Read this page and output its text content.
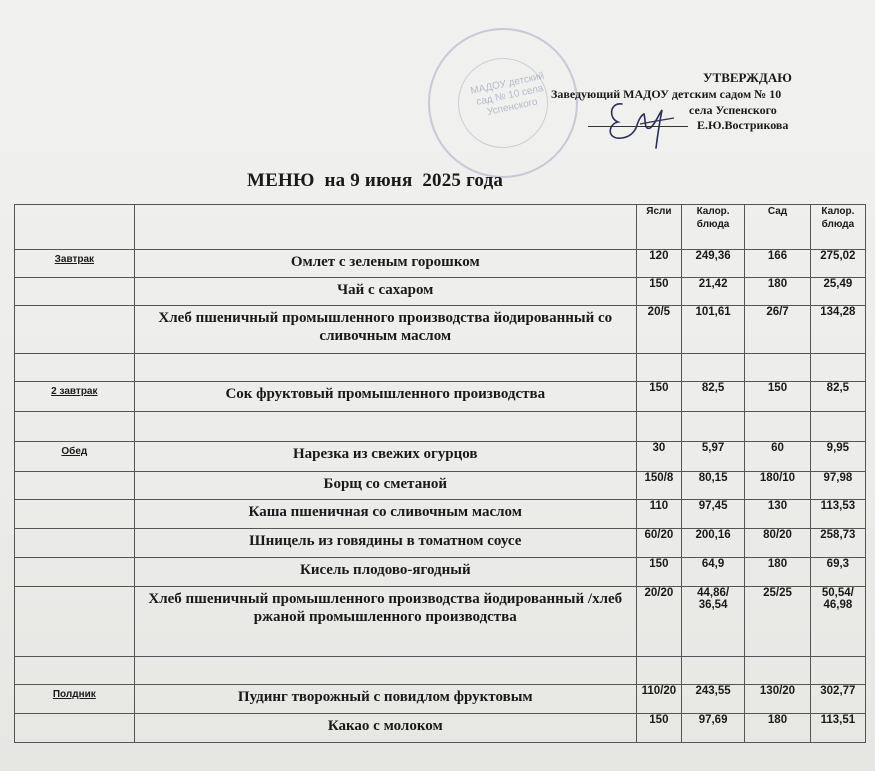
МАДОУ детский сад № 10 села Успенского
УТВЕРЖДАЮ
Заведующий МАДОУ детским садом № 10
села Успенского
Е.Ю.Вострикова
МЕНЮ  на 9 июня  2025 года
		Ясли	Калор. блюда	Сад	Калор. блюда
Завтрак	Омлет с зеленым горошком	120	249,36	166	275,02
	Чай с сахаром	150	21,42	180	25,49
	Хлеб пшеничный промышленного производства йодированный со сливочным маслом	20/5	101,61	26/7	134,28

2 завтрак	Сок фруктовый промышленного производства	150	82,5	150	82,5

Обед	Нарезка из свежих огурцов	30	5,97	60	9,95
	Борщ со сметаной	150/8	80,15	180/10	97,98
	Каша пшеничная со сливочным маслом	110	97,45	130	113,53
	Шницель из говядины в томатном соусе	60/20	200,16	80/20	258,73
	Кисель плодово-ягодный	150	64,9	180	69,3
	Хлеб пшеничный промышленного производства йодированный /хлеб ржаной промышленного производства	20/20	44,86/ 36,54	25/25	50,54/ 46,98

Полдник	Пудинг творожный с повидлом фруктовым	110/20	243,55	130/20	302,77
	Какао с молоком	150	97,69	180	113,51
